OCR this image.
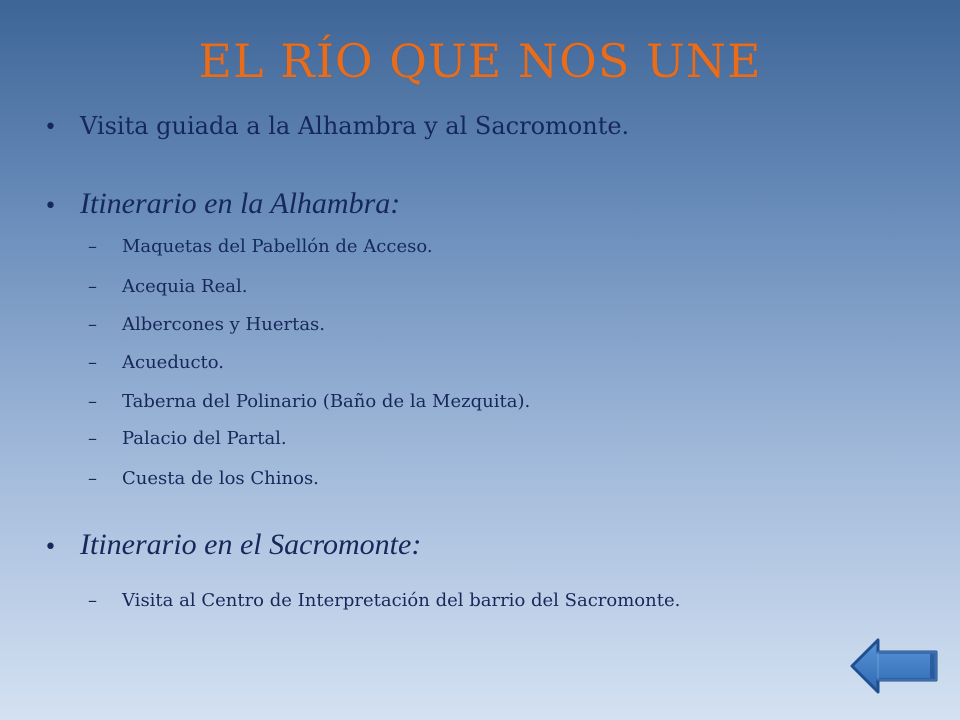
EL RÍO QUE NOS UNE
• Visita guiada a la Alhambra y al Sacromonte.
• Itinerario en la Alhambra:
–	Maquetas del Pabellón de Acceso.
–	Acequia Real.
–	Albercones y Huertas.
–	Acueducto.
–	Taberna del Polinario (Baño de la Mezquita).
–	Palacio del Partal.
–	Cuesta de los Chinos.
• Itinerario en el Sacromonte:
–	Visita al Centro de Interpretación del barrio del Sacromonte.
